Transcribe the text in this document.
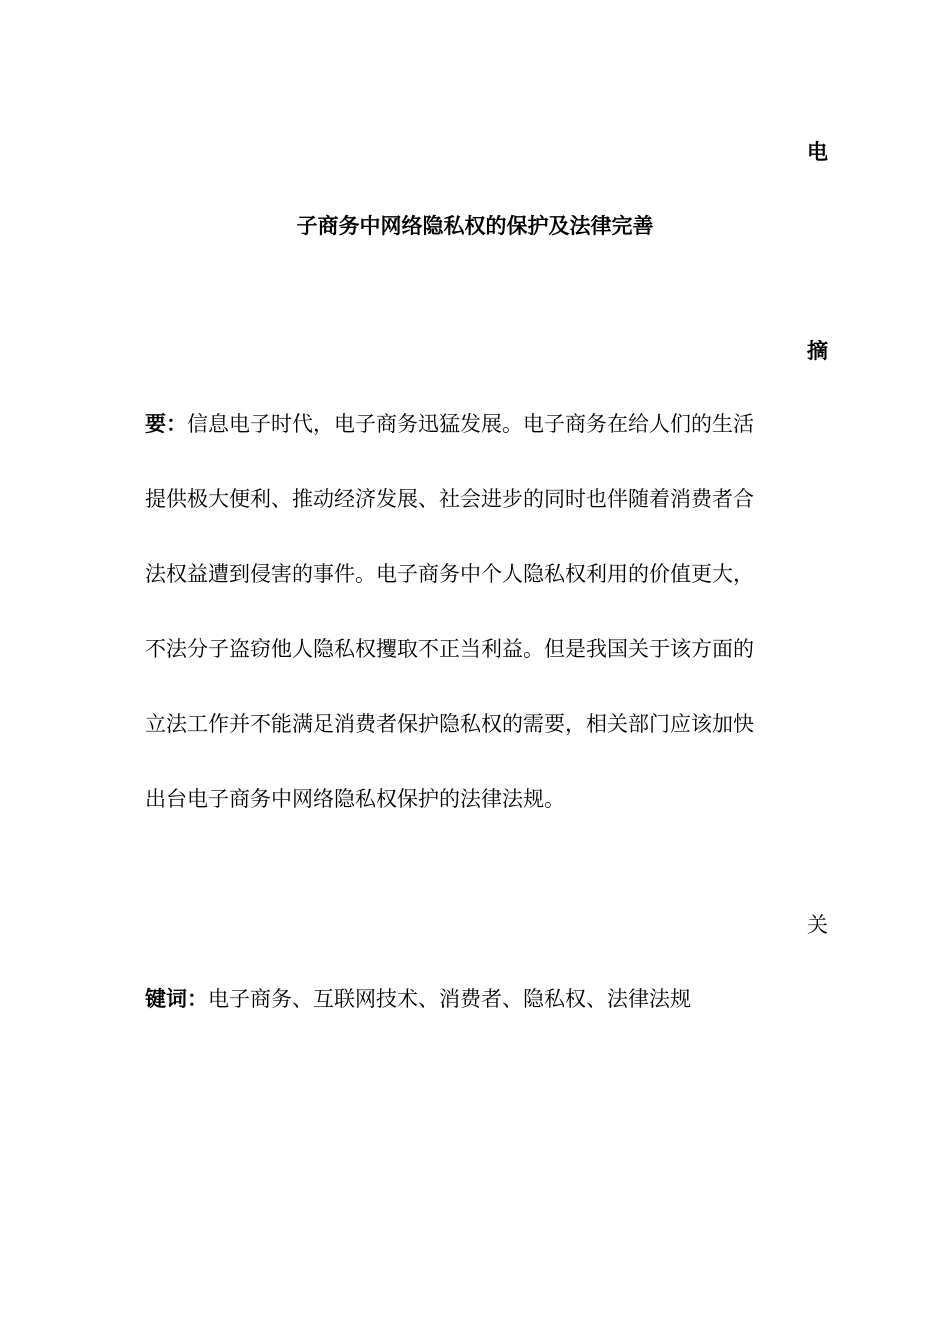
电
子商务中网络隐私权的保护及法律完善
摘
要：信息电子时代，电子商务迅猛发展。电子商务在给人们的生活
提供极大便利、推动经济发展、社会进步的同时也伴随着消费者合
法权益遭到侵害的事件。电子商务中个人隐私权利用的价值更大，
不法分子盗窃他人隐私权攫取不正当利益。但是我国关于该方面的
立法工作并不能满足消费者保护隐私权的需要，相关部门应该加快
出台电子商务中网络隐私权保护的法律法规。
关
键词：电子商务、互联网技术、消费者、隐私权、法律法规
